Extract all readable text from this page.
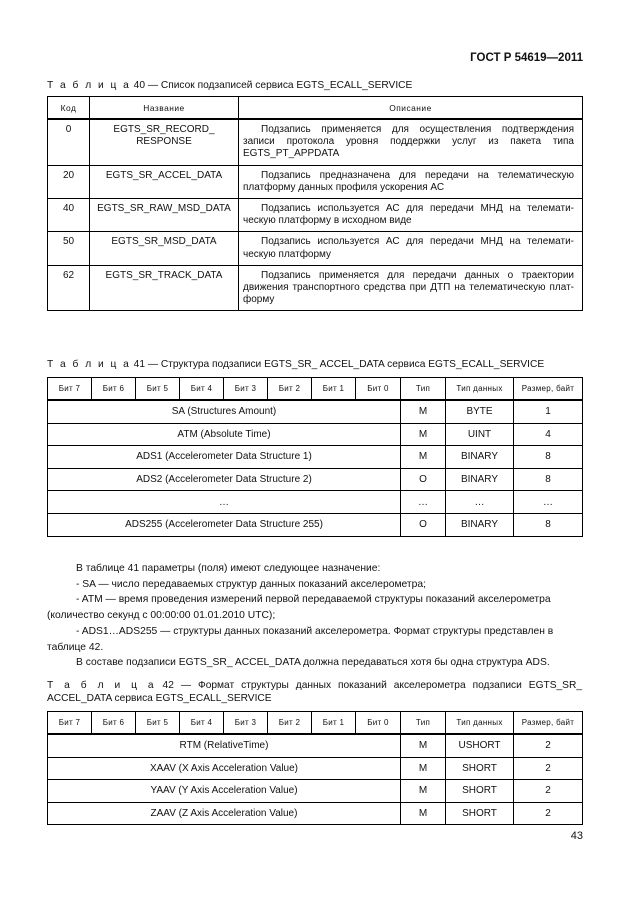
ГОСТ Р 54619—2011
Т а б л и ц а 40 — Список подзаписей сервиса EGTS_ECALL_SERVICE
Код	Название	Описание
0	EGTS_SR_RECORD_ RESPONSE	Подзапись применяется для осуществления подтверждения записи протокола уровня поддержки услуг из пакета типа EGTS_PT_APPDATA
20	EGTS_SR_ACCEL_DATA	Подзапись предназначена для передачи на телематическую платформу данных профиля ускорения АС
40	EGTS_SR_RAW_MSD_DATA	Подзапись используется АС для передачи МНД на телематическую платформу в исходном виде
50	EGTS_SR_MSD_DATA	Подзапись используется АС для передачи МНД на телематическую платформу
62	EGTS_SR_TRACK_DATA	Подзапись применяется для передачи данных о траектории движения транспортного средства при ДТП на телематическую платформу
Т а б л и ц а 41 — Структура подзаписи EGTS_SR_ ACCEL_DATA сервиса EGTS_ECALL_SERVICE
Бит 7	Бит 6	Бит 5	Бит 4	Бит 3	Бит 2	Бит 1	Бит 0	Тип	Тип данных	Размер, байт
SA (Structures Amount)								M	BYTE	1
ATM (Absolute Time)								M	UINT	4
ADS1 (Accelerometer Data Structure 1)								M	BINARY	8
ADS2 (Accelerometer Data Structure 2)								O	BINARY	8
…								…	…	…
ADS255 (Accelerometer Data Structure 255)								O	BINARY	8

В таблице 41 параметры (поля) имеют следующее назначение:

- SA — число передаваемых структур данных показаний акселерометра;

- ATM — время проведения измерений первой передаваемой структуры показаний акселерометра (количество секунд с 00:00:00 01.01.2010 UTC);

- ADS1…ADS255 — структуры данных показаний акселерометра. Формат структуры представлен в таблице 42.

В составе подзаписи EGTS_SR_ ACCEL_DATA должна передаваться хотя бы одна структура ADS.

Т а б л и ц а 42 — Формат структуры данных показаний акселерометра подзаписи EGTS_SR_ ACCEL_DATA сервиса EGTS_ECALL_SERVICE
Бит 7	Бит 6	Бит 5	Бит 4	Бит 3	Бит 2	Бит 1	Бит 0	Тип	Тип данных	Размер, байт
RTM (RelativeTime)								M	USHORT	2
XAAV (X Axis Acceleration Value)								M	SHORT	2
YAAV (Y Axis Acceleration Value)								M	SHORT	2
ZAAV (Z Axis Acceleration Value)								M	SHORT	2
43
